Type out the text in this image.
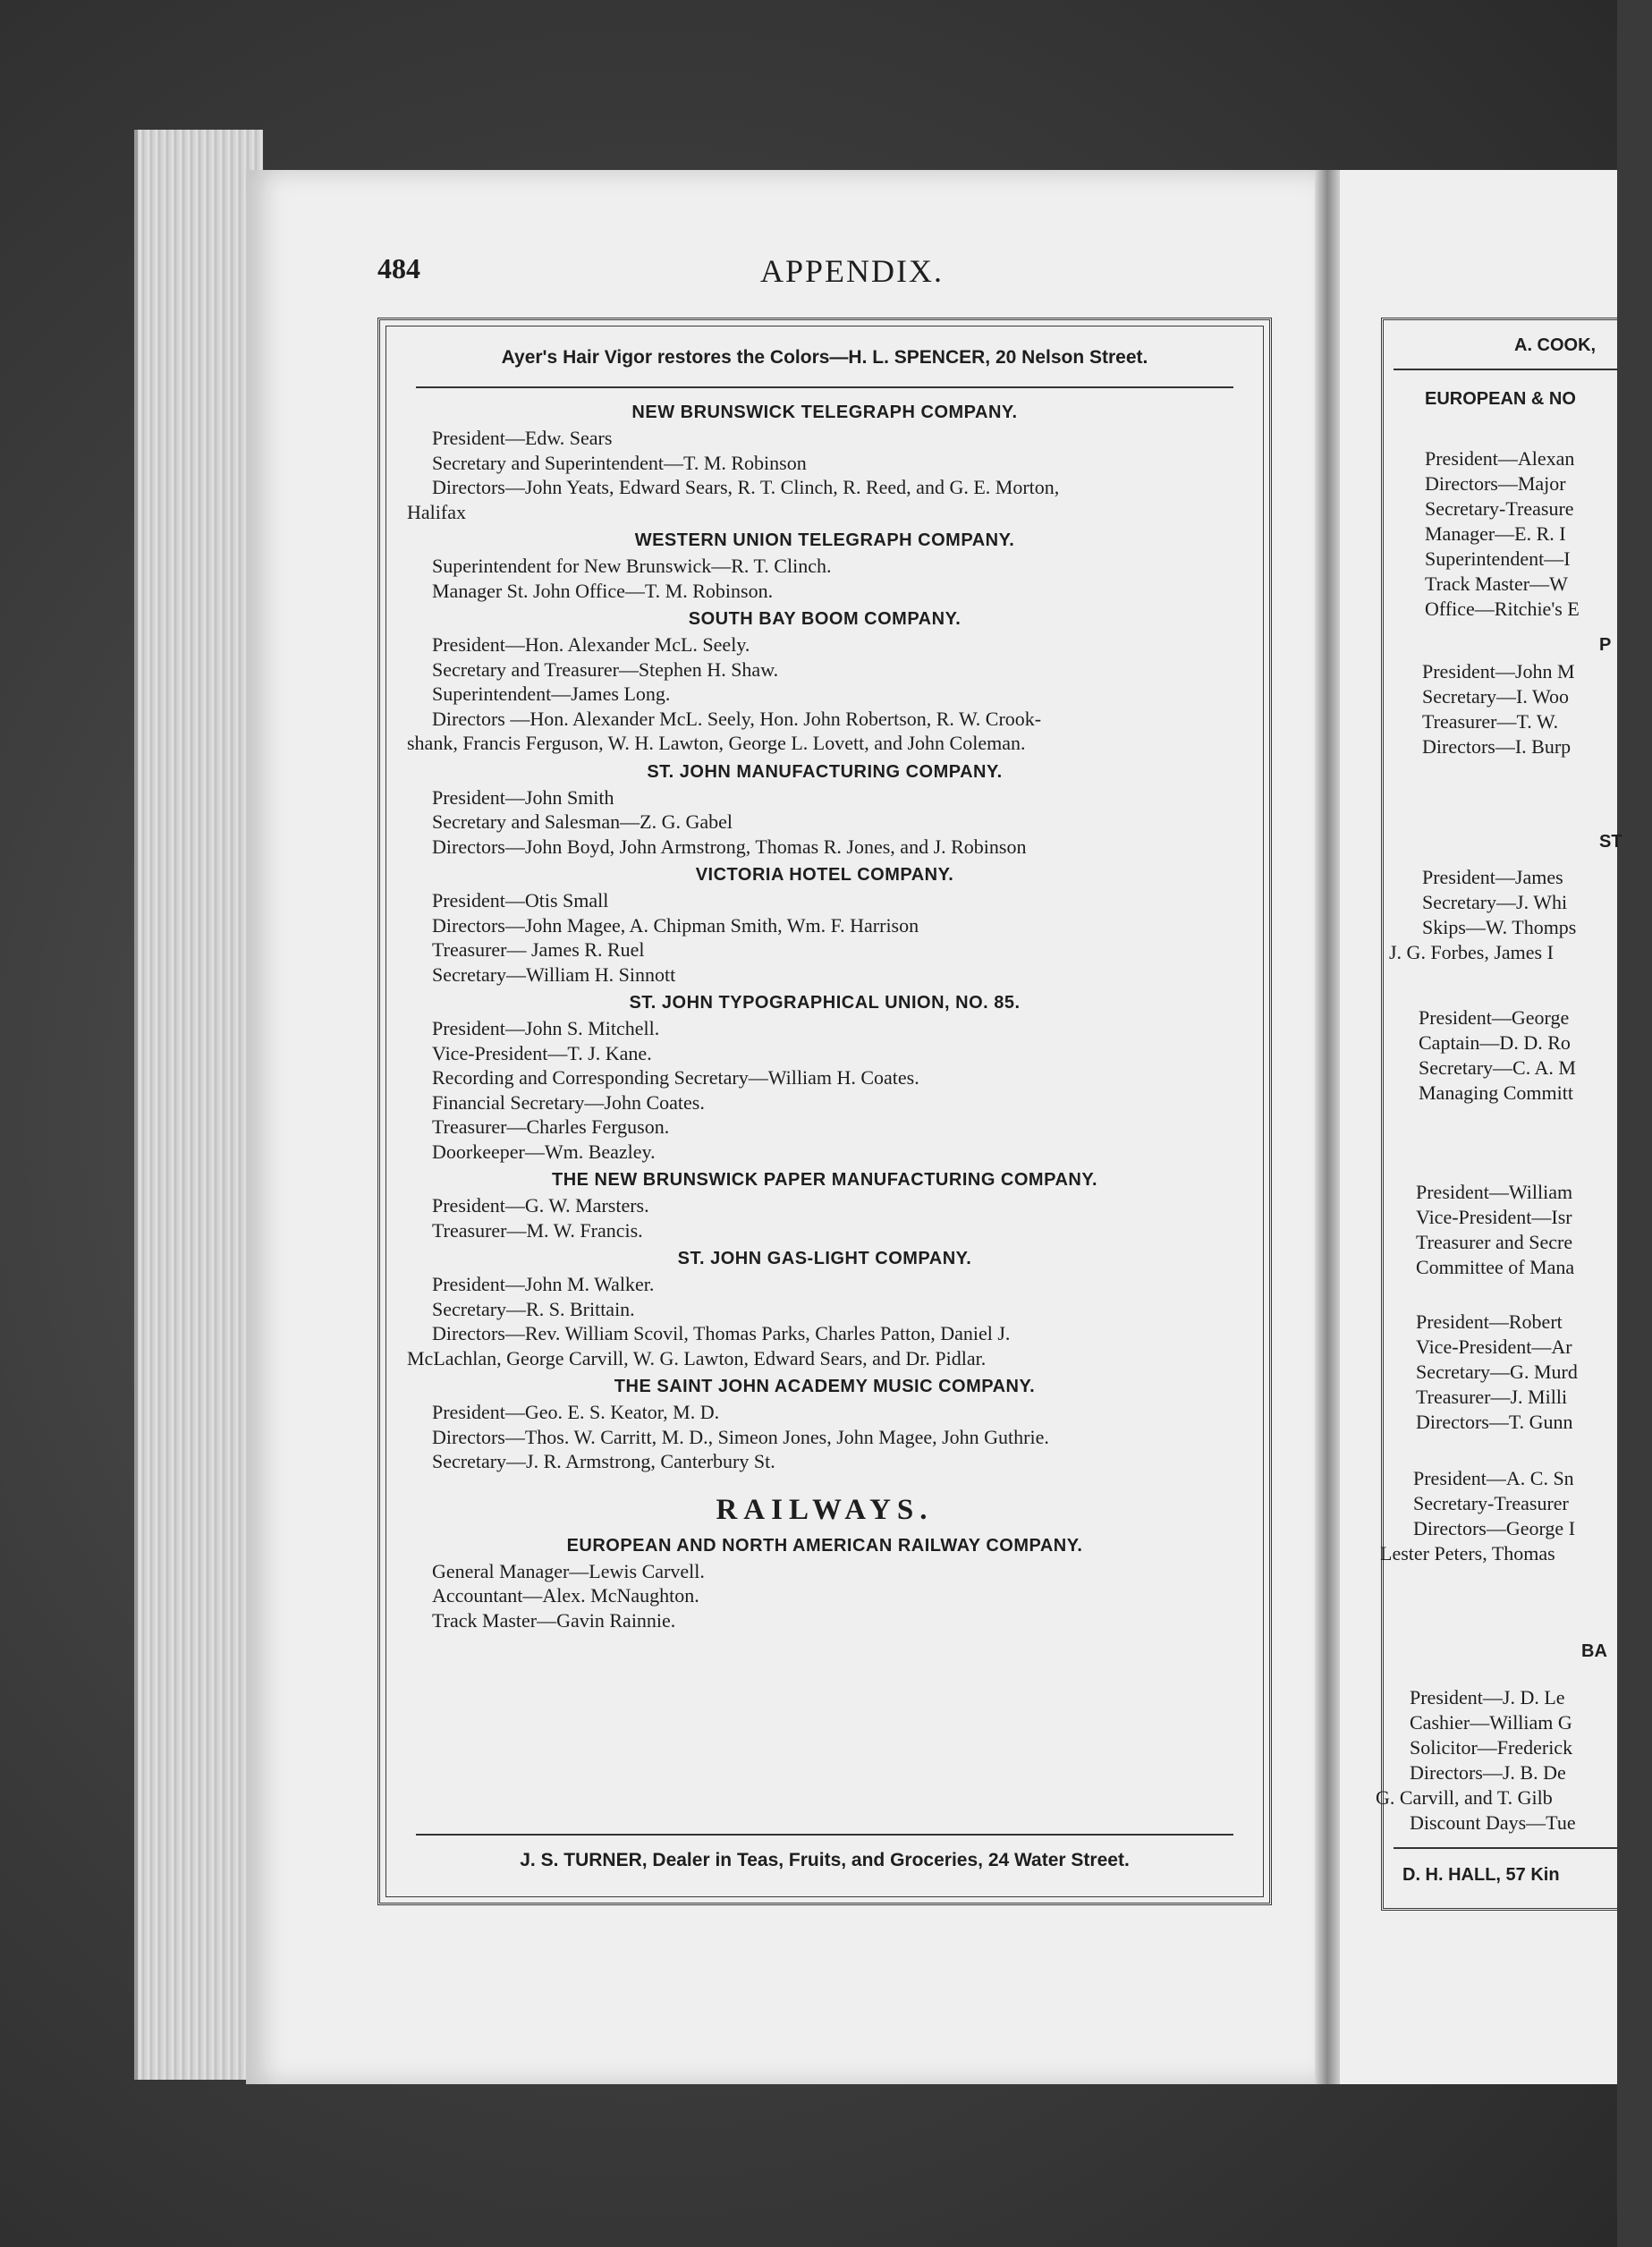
484	APPENDIX.
Ayer's Hair Vigor restores the Colors—H. L. SPENCER, 20 Nelson Street.
NEW BRUNSWICK TELEGRAPH COMPANY.
President—Edw. Sears
Secretary and Superintendent—T. M. Robinson
Directors—John Yeats, Edward Sears, R. T. Clinch, R. Reed, and G. E. Morton,
Halifax
WESTERN UNION TELEGRAPH COMPANY.
Superintendent for New Brunswick—R. T. Clinch.
Manager St. John Office—T. M. Robinson.
SOUTH BAY BOOM COMPANY.
President—Hon. Alexander McL. Seely.
Secretary and Treasurer—Stephen H. Shaw.
Superintendent—James Long.
Directors —Hon. Alexander McL. Seely, Hon. John Robertson, R. W. Crook-
shank, Francis Ferguson, W. H. Lawton, George L. Lovett, and John Coleman.
ST. JOHN MANUFACTURING COMPANY.
President—John Smith
Secretary and Salesman—Z. G. Gabel
Directors—John Boyd, John Armstrong, Thomas R. Jones, and J. Robinson
VICTORIA HOTEL COMPANY.
President—Otis Small
Directors—John Magee, A. Chipman Smith, Wm. F. Harrison
Treasurer— James R. Ruel
Secretary—William H. Sinnott
ST. JOHN TYPOGRAPHICAL UNION, NO. 85.
President—John S. Mitchell.
Vice-President—T. J. Kane.
Recording and Corresponding Secretary—William H. Coates.
Financial Secretary—John Coates.
Treasurer—Charles Ferguson.
Doorkeeper—Wm. Beazley.
THE NEW BRUNSWICK PAPER MANUFACTURING COMPANY.
President—G. W. Marsters.
Treasurer—M. W. Francis.
ST. JOHN GAS-LIGHT COMPANY.
President—John M. Walker.
Secretary—R. S. Brittain.
Directors—Rev. William Scovil, Thomas Parks, Charles Patton, Daniel J.
McLachlan, George Carvill, W. G. Lawton, Edward Sears, and Dr. Pidlar.
THE SAINT JOHN ACADEMY MUSIC COMPANY.
President—Geo. E. S. Keator, M. D.
Directors—Thos. W. Carritt, M. D., Simeon Jones, John Magee, John Guthrie.
Secretary—J. R. Armstrong, Canterbury St.
RAILWAYS.
EUROPEAN AND NORTH AMERICAN RAILWAY COMPANY.
General Manager—Lewis Carvell.
Accountant—Alex. McNaughton.
Track Master—Gavin Rainnie.
J. S. TURNER, Dealer in Teas, Fruits, and Groceries, 24 Water Street.
A. COOK,
EUROPEAN & NO
President—Alexan
Directors—Major
Secretary-Treasure
Manager—E. R. I
Superintendent—I
Track Master—W
Office—Ritchie's E
P
President—John M
Secretary—I. Woo
Treasurer—T. W.
Directors—I. Burp
ST
President—James
Secretary—J. Whi
Skips—W. Thomps
J. G. Forbes, James I
President—George
Captain—D. D. Ro
Secretary—C. A. M
Managing Committ
President—William
Vice-President—Isr
Treasurer and Secre
Committee of Mana
President—Robert
Vice-President—Ar
Secretary—G. Murd
Treasurer—J. Milli
Directors—T. Gunn
President—A. C. Sn
Secretary-Treasurer
Directors—George I
Lester Peters, Thomas
BA
President—J. D. Le
Cashier—William G
Solicitor—Frederick
Directors—J. B. De
G. Carvill, and T. Gilb
Discount Days—Tue
D. H. HALL, 57 Kin
